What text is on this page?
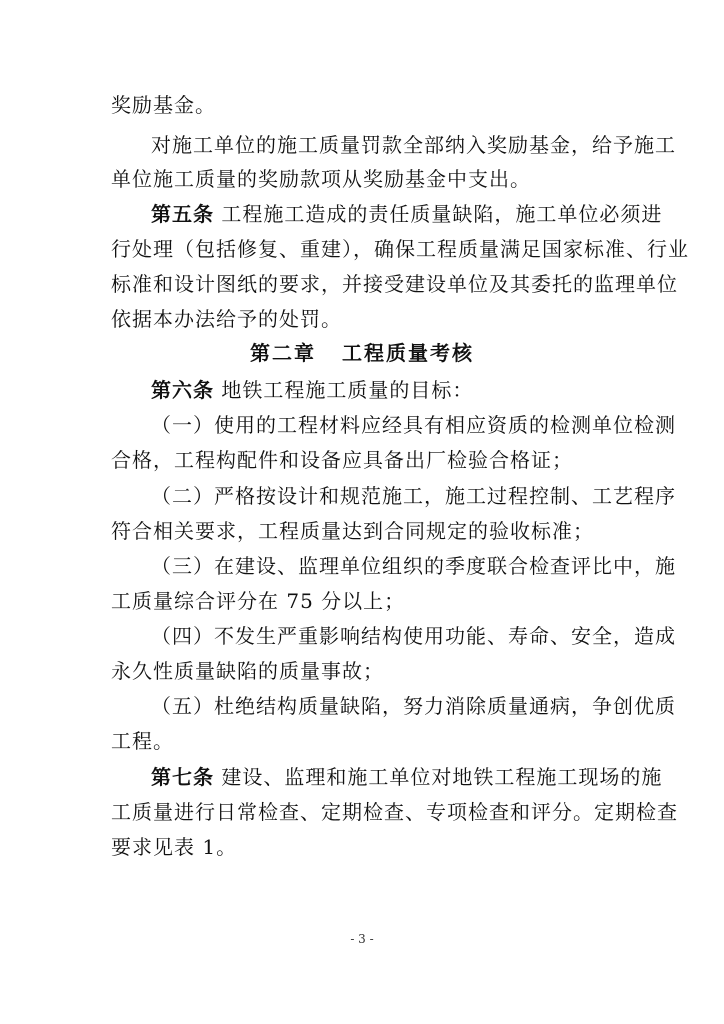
奖励基金。
对施工单位的施工质量罚款全部纳入奖励基金，给予施工
单位施工质量的奖励款项从奖励基金中支出。
第五条 工程施工造成的责任质量缺陷，施工单位必须进
行处理（包括修复、重建），确保工程质量满足国家标准、行业
标准和设计图纸的要求，并接受建设单位及其委托的监理单位
依据本办法给予的处罚。
第二章 工程质量考核
第六条 地铁工程施工质量的目标：
（一）使用的工程材料应经具有相应资质的检测单位检测
合格，工程构配件和设备应具备出厂检验合格证；
（二）严格按设计和规范施工，施工过程控制、工艺程序
符合相关要求，工程质量达到合同规定的验收标准；
（三）在建设、监理单位组织的季度联合检查评比中，施
工质量综合评分在 75 分以上；
（四）不发生严重影响结构使用功能、寿命、安全，造成
永久性质量缺陷的质量事故；
（五）杜绝结构质量缺陷，努力消除质量通病，争创优质
工程。
第七条 建设、监理和施工单位对地铁工程施工现场的施
工质量进行日常检查、定期检查、专项检查和评分。定期检查
要求见表 1。
- 3 -
